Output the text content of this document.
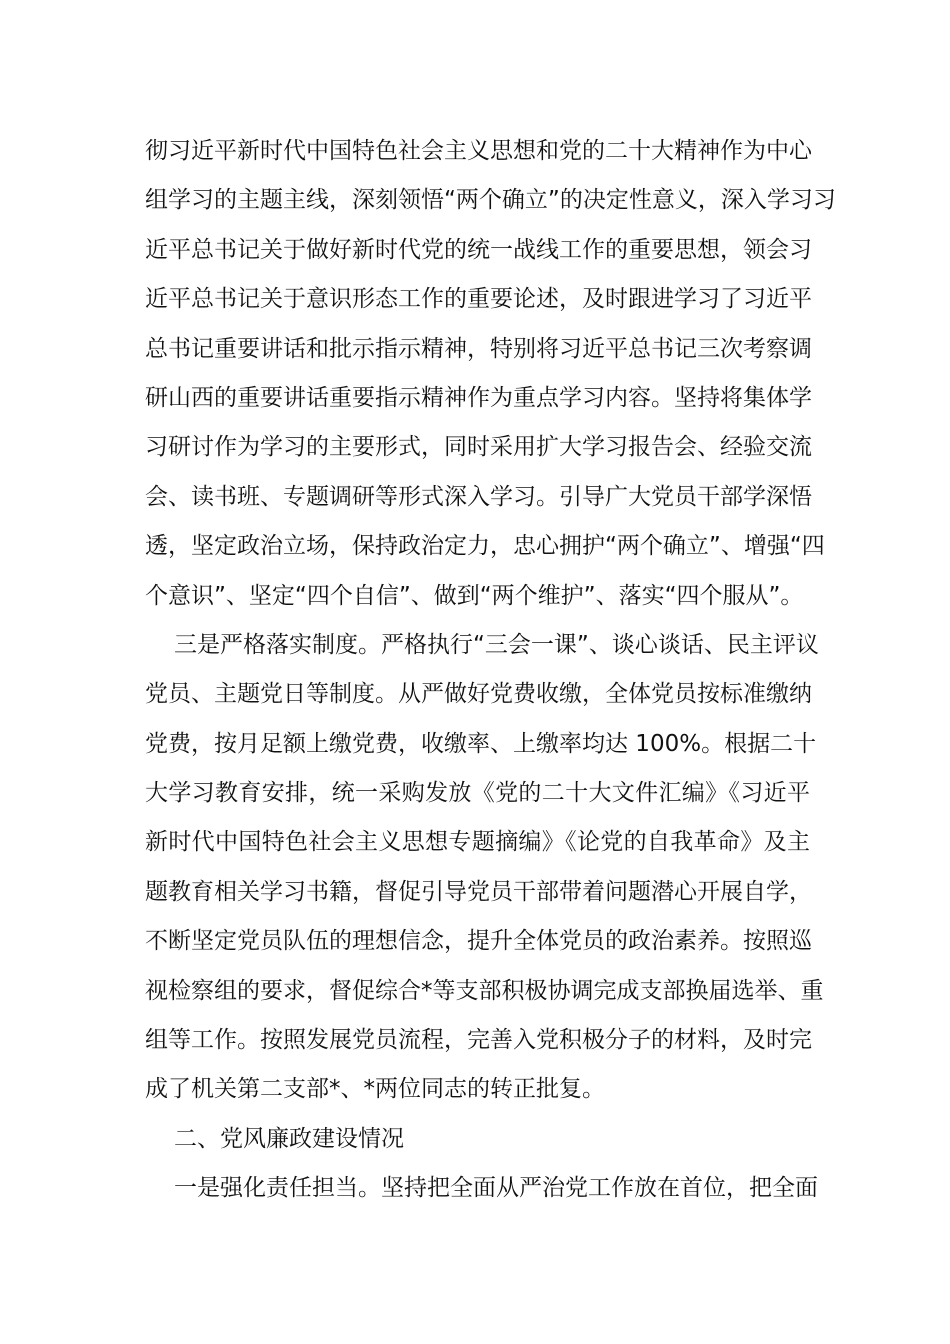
彻习近平新时代中国特色社会主义思想和党的二十大精神作为中心
组学习的主题主线，深刻领悟“两个确立”的决定性意义，深入学习习
近平总书记关于做好新时代党的统一战线工作的重要思想，领会习
近平总书记关于意识形态工作的重要论述，及时跟进学习了习近平
总书记重要讲话和批示指示精神，特别将习近平总书记三次考察调
研山西的重要讲话重要指示精神作为重点学习内容。坚持将集体学
习研讨作为学习的主要形式，同时采用扩大学习报告会、经验交流
会、读书班、专题调研等形式深入学习。引导广大党员干部学深悟
透，坚定政治立场，保持政治定力，忠心拥护“两个确立”、增强“四
个意识”、坚定“四个自信”、做到“两个维护”、落实“四个服从”。
三是严格落实制度。严格执行“三会一课”、谈心谈话、民主评议
党员、主题党日等制度。从严做好党费收缴，全体党员按标准缴纳
党费，按月足额上缴党费，收缴率、上缴率均达 100%。根据二十
大学习教育安排，统一采购发放《党的二十大文件汇编》《习近平
新时代中国特色社会主义思想专题摘编》《论党的自我革命》及主
题教育相关学习书籍，督促引导党员干部带着问题潜心开展自学，
不断坚定党员队伍的理想信念，提升全体党员的政治素养。按照巡
视检察组的要求，督促综合*等支部积极协调完成支部换届选举、重
组等工作。按照发展党员流程，完善入党积极分子的材料，及时完
成了机关第二支部*、*两位同志的转正批复。
二、党风廉政建设情况
一是强化责任担当。坚持把全面从严治党工作放在首位，把全面
